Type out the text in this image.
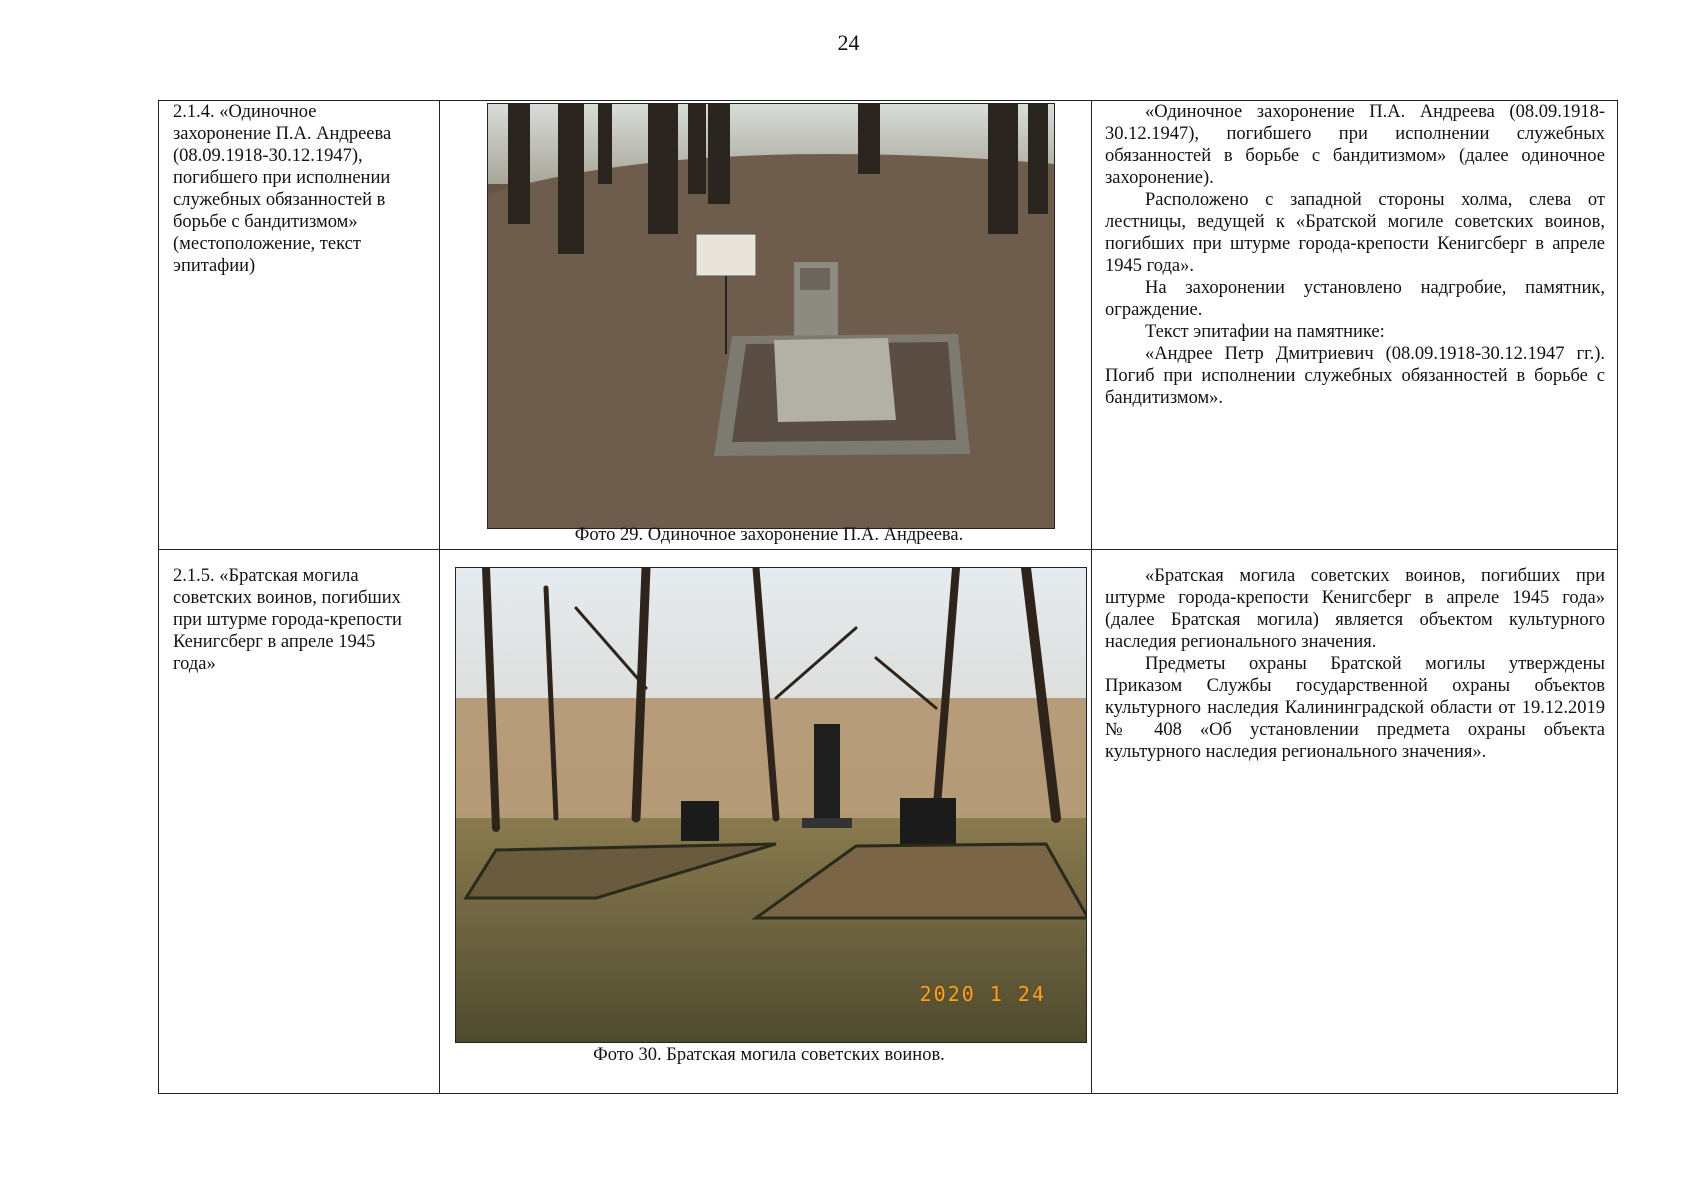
24
2.1.4. «Одиночное
захоронение П.А. Андреева
(08.09.1918-30.12.1947),
погибшего при исполнении
служебных обязанностей в
борьбе с бандитизмом»
(местоположение, текст
эпитафии)
Фото 29. Одиночное захоронение П.А. Андреева.

«Одиночное захоронение П.А. Андреева (08.09.1918-30.12.1947), погибшего при исполнении служебных обязанностей в борьбе с бандитизмом» (далее одиночное захоронение).

Расположено с западной стороны холма, слева от лестницы, ведущей к «Братской могиле советских воинов, погибших при штурме города-крепости Кенигсберг в апреле 1945 года».

На захоронении установлено надгробие, памятник, ограждение.

Текст эпитафии на памятнике:

«Андрее Петр Дмитриевич (08.09.1918-30.12.1947 гг.). Погиб при исполнении служебных обязанностей в борьбе с бандитизмом».

2.1.5. «Братская могила
советских воинов, погибших
при штурме города-крепости
Кенигсберг в апреле 1945
года»
2020 1 24
Фото 30. Братская могила советских воинов.

«Братская могила советских воинов, погибших при штурме города-крепости Кенигсберг в апреле 1945 года» (далее Братская могила) является объектом культурного наследия регионального значения.

Предметы охраны Братской могилы утверждены Приказом Службы государственной охраны объектов культурного наследия Калининградской области от 19.12.2019 № 408 «Об установлении предмета охраны объекта культурного наследия регионального значения».
